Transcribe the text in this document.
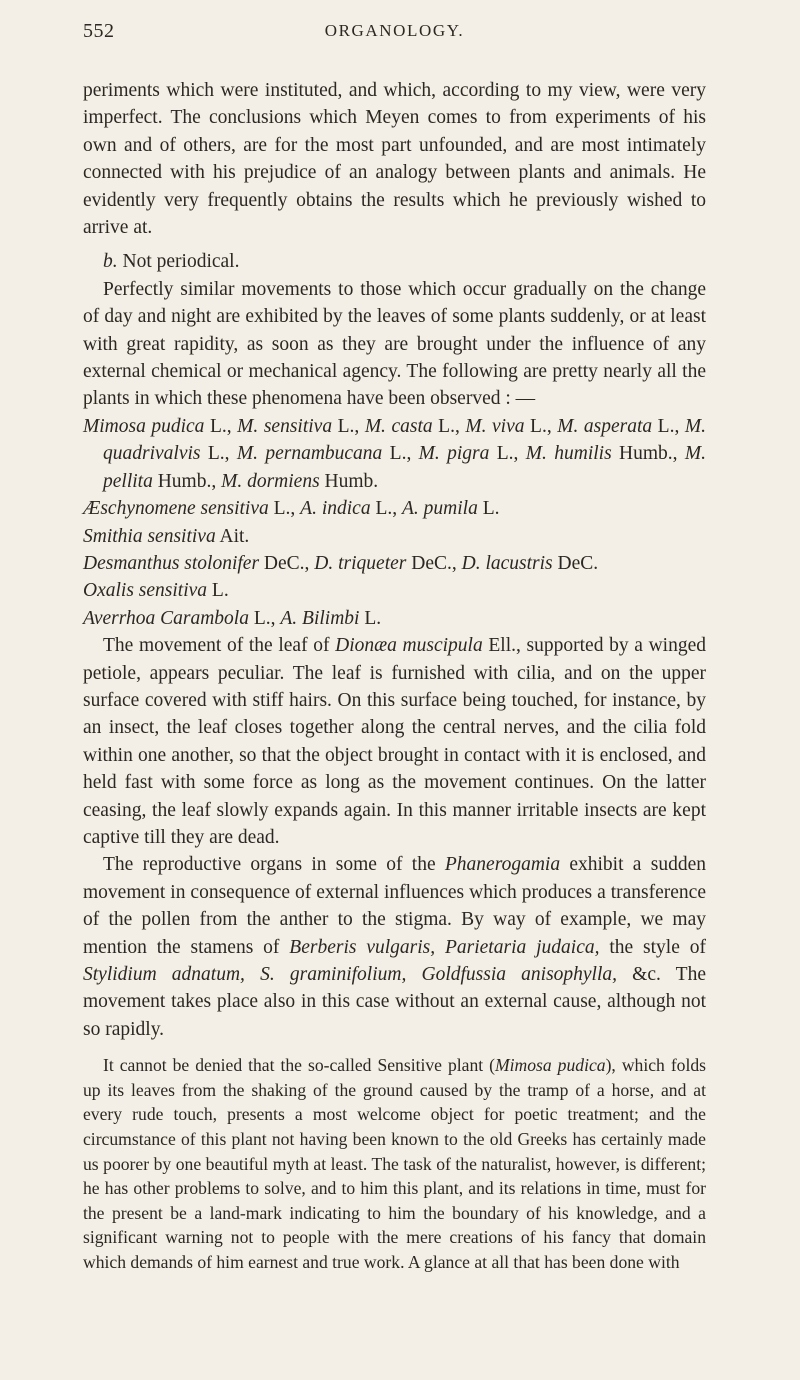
552	ORGANOLOGY.

periments which were instituted, and which, according to my view, were very imperfect. The conclusions which Meyen comes to from experiments of his own and of others, are for the most part unfounded, and are most intimately connected with his prejudice of an analogy between plants and animals. He evidently very frequently obtains the results which he previously wished to arrive at.

b. Not periodical.

Perfectly similar movements to those which occur gradually on the change of day and night are exhibited by the leaves of some plants suddenly, or at least with great rapidity, as soon as they are brought under the influence of any external chemical or mechanical agency. The following are pretty nearly all the plants in which these phenomena have been observed : —

Mimosa pudica L., M. sensitiva L., M. casta L., M. viva L., M. asperata L., M. quadrivalvis L., M. pernambucana L., M. pigra L., M. humilis Humb., M. pellita Humb., M. dormiens Humb.

Æschynomene sensitiva L., A. indica L., A. pumila L.

Smithia sensitiva Ait.

Desmanthus stolonifer DeC., D. triqueter DeC., D. lacustris DeC.

Oxalis sensitiva L.

Averrhoa Carambola L., A. Bilimbi L.

The movement of the leaf of Dionæa muscipula Ell., supported by a winged petiole, appears peculiar. The leaf is furnished with cilia, and on the upper surface covered with stiff hairs. On this surface being touched, for instance, by an insect, the leaf closes together along the central nerves, and the cilia fold within one another, so that the object brought in contact with it is enclosed, and held fast with some force as long as the movement continues. On the latter ceasing, the leaf slowly expands again. In this manner irritable insects are kept captive till they are dead.

The reproductive organs in some of the Phanerogamia exhibit a sudden movement in consequence of external influences which produces a transference of the pollen from the anther to the stigma. By way of example, we may mention the stamens of Berberis vulgaris, Parietaria judaica, the style of Stylidium adnatum, S. graminifolium, Goldfussia anisophylla, &c. The movement takes place also in this case without an external cause, although not so rapidly.

It cannot be denied that the so-called Sensitive plant (Mimosa pudica), which folds up its leaves from the shaking of the ground caused by the tramp of a horse, and at every rude touch, presents a most welcome object for poetic treatment; and the circumstance of this plant not having been known to the old Greeks has certainly made us poorer by one beautiful myth at least. The task of the naturalist, however, is different; he has other problems to solve, and to him this plant, and its relations in time, must for the present be a land-mark indicating to him the boundary of his knowledge, and a significant warning not to people with the mere creations of his fancy that domain which demands of him earnest and true work. A glance at all that has been done with
